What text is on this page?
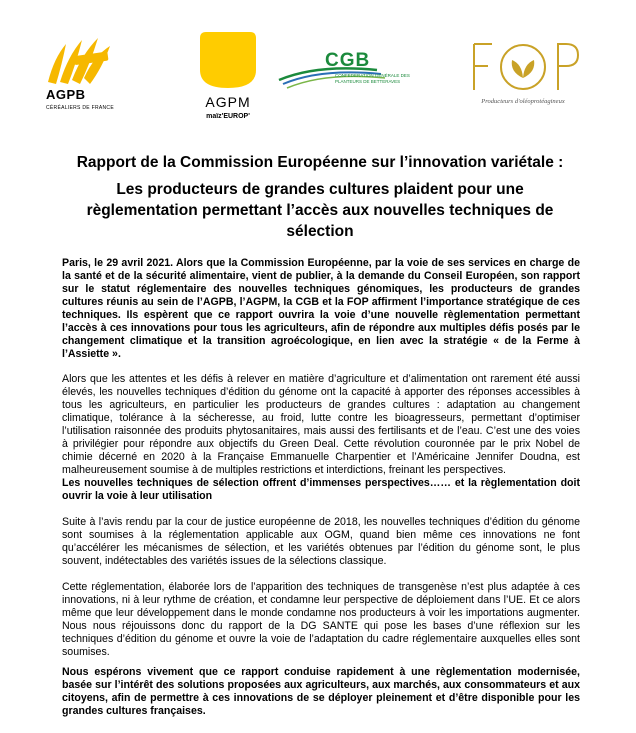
AGPB
CÉRÉALIERS DE FRANCE	AGPM
maïz'EUROP'
CGB
CONFÉDÉRATION GÉNÉRALE DES PLANTEURS DE BETTERAVES
Producteurs d'oléoprotéagineux
Rapport de la Commission Européenne sur l’innovation variétale :
Les producteurs de grandes cultures plaident pour une règlementation permettant l’accès aux nouvelles techniques de sélection

Paris, le 29 avril 2021. Alors que la Commission Européenne, par la voie de ses services en charge de la santé et de la sécurité alimentaire, vient de publier, à la demande du Conseil Européen, son rapport sur le statut réglementaire des nouvelles techniques génomiques, les producteurs de grandes cultures réunis au sein de l’AGPB, l’AGPM, la CGB et la FOP affirment l’importance stratégique de ces techniques. Ils espèrent que ce rapport ouvrira la voie d’une nouvelle règlementation permettant l’accès à ces innovations pour tous les agriculteurs, afin de répondre aux multiples défis posés par le changement climatique et la transition agroécologique, en lien avec la stratégie « de la Ferme à l’Assiette ».

Alors que les attentes et les défis à relever en matière d’agriculture et d’alimentation ont rarement été aussi élevés, les nouvelles techniques d’édition du génome ont la capacité à apporter des réponses accessibles à tous les agriculteurs, en particulier les producteurs de grandes cultures : adaptation au changement climatique, tolérance à la sécheresse, au froid, lutte contre les bioagresseurs, permettant d’optimiser l’utilisation raisonnée des produits phytosanitaires, mais aussi des fertilisants et de l’eau. C’est une des voies à privilégier pour répondre aux objectifs du Green Deal. Cette révolution couronnée par le prix Nobel de chimie décerné en 2020 à la Française Emmanuelle Charpentier et l’Américaine Jennifer Doudna, est malheureusement soumise à de multiples restrictions et interdictions, freinant les perspectives.

Les nouvelles techniques de sélection offrent d’immenses perspectives…… et la règlementation doit ouvrir la voie à leur utilisation

Suite à l’avis rendu par la cour de justice européenne de 2018, les nouvelles techniques d’édition du génome sont soumises à la réglementation applicable aux OGM, quand bien même ces innovations ne font qu’accélérer les mécanismes de sélection, et les variétés obtenues par l’édition du génome sont, le plus souvent, indétectables des variétés issues de la sélections classique.

Cette réglementation, élaborée lors de l’apparition des techniques de transgenèse n’est plus adaptée à ces innovations, ni à leur rythme de création, et condamne leur perspective de déploiement dans l’UE. Et ce alors même que leur développement dans le monde condamne nos producteurs à voir les importations augmenter. Nous nous réjouissons donc du rapport de la DG SANTE qui pose les bases d’une réflexion sur les techniques d’édition du génome et ouvre la voie de l’adaptation du cadre réglementaire auxquelles elles sont soumises.

Nous espérons vivement que ce rapport conduise rapidement à une règlementation modernisée, basée sur l’intérêt des solutions proposées aux agriculteurs, aux marchés, aux consommateurs et aux citoyens, afin de permettre à ces innovations de se déployer pleinement et d’être disponible pour les grandes cultures françaises.
